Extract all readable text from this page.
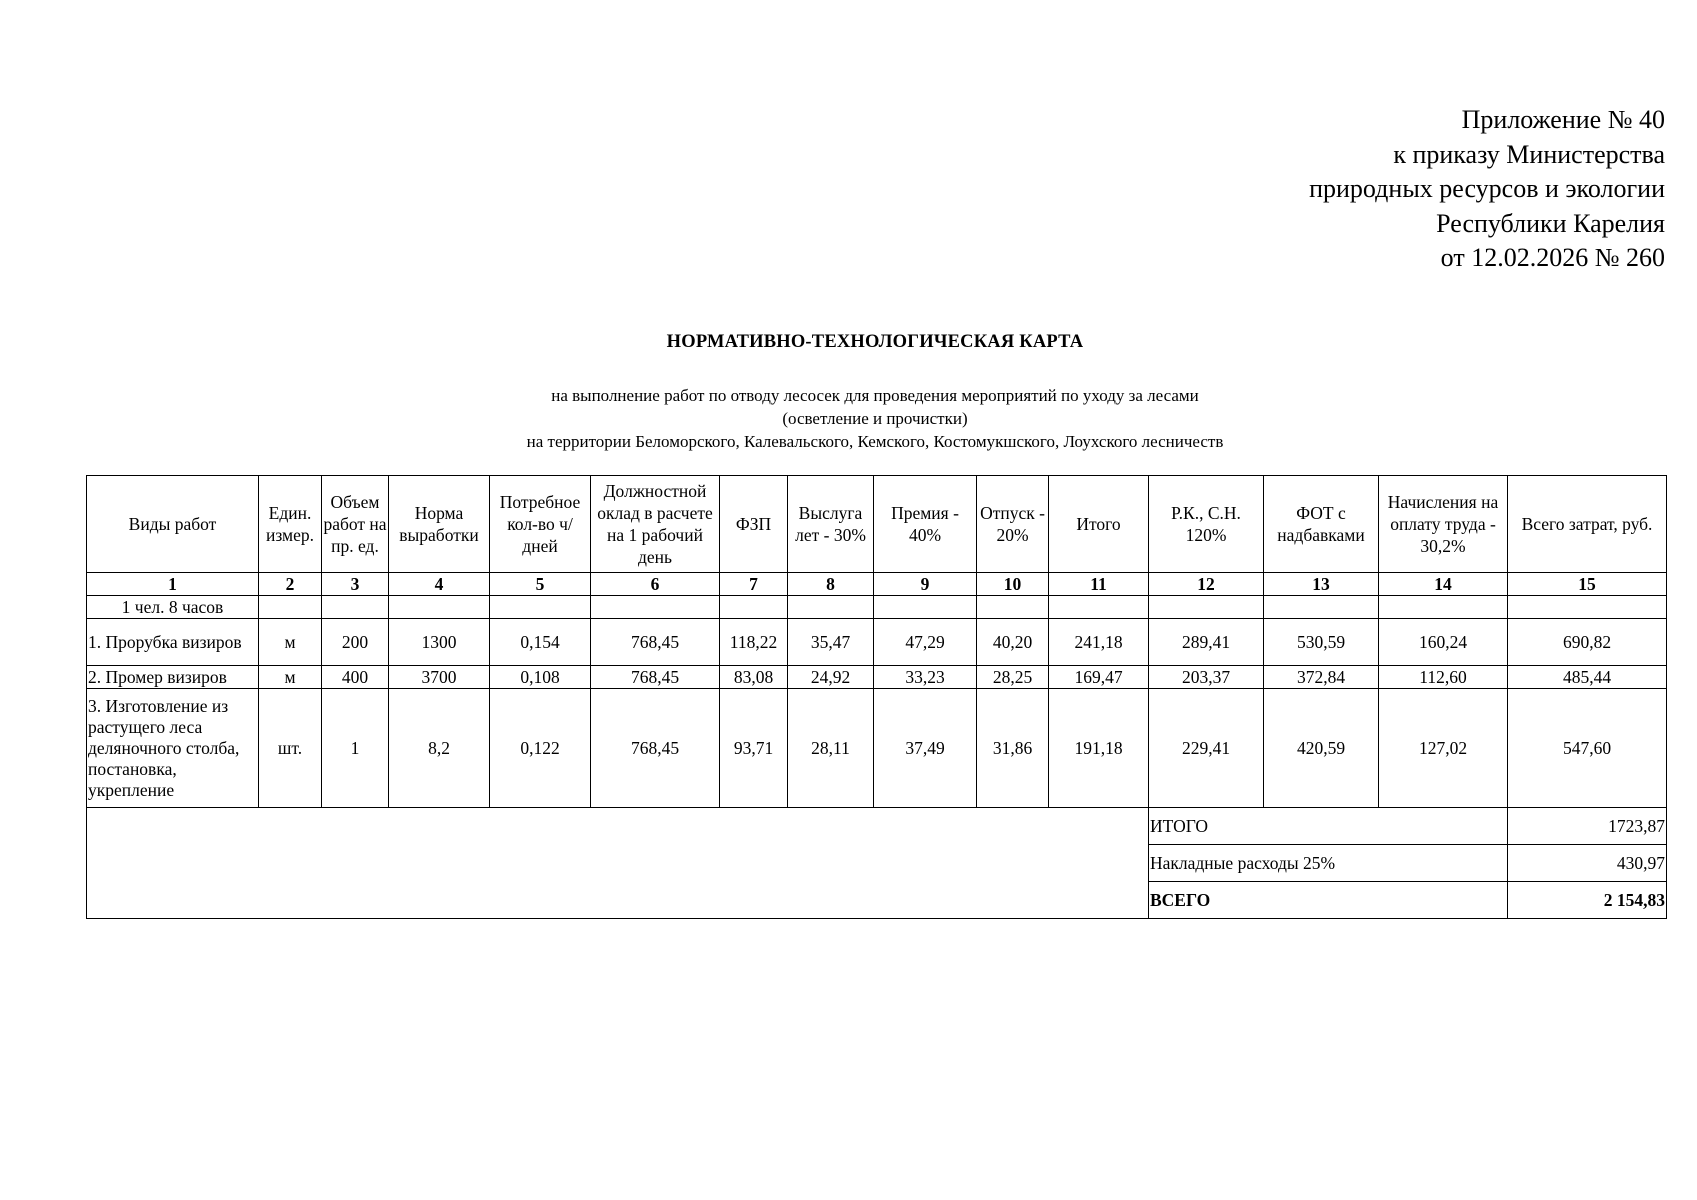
Приложение № 40
к приказу Министерства
природных ресурсов и экологии
Республики Карелия
от 12.02.2026 № 260
НОРМАТИВНО-ТЕХНОЛОГИЧЕСКАЯ КАРТА
на выполнение работ по отводу лесосек для проведения мероприятий по уходу за лесами
(осветление и прочистки)
на территории Беломорского, Калевальского, Кемского, Костомукшского, Лоухского лесничеств
Виды работ	Един. измер.	Объем работ на пр. ед.	Норма выработки	Потребное кол-во ч/дней	Должностной оклад в расчете на 1 рабочий день	ФЗП	Выслуга лет - 30%	Премия - 40%	Отпуск - 20%	Итого	Р.К., С.Н. 120%	ФОТ с надбавками	Начисления на оплату труда - 30,2%	Всего затрат, руб.
1	2	3	4	5	6	7	8	9	10	11	12	13	14	15
1 чел. 8 часов														
1. Прорубка визиров	м	200	1300	0,154	768,45	118,22	35,47	47,29	40,20	241,18	289,41	530,59	160,24	690,82
2. Промер визиров	м	400	3700	0,108	768,45	83,08	24,92	33,23	28,25	169,47	203,37	372,84	112,60	485,44
3. Изготовление из растущего леса деляночного столба, постановка, укрепление	шт.	1	8,2	0,122	768,45	93,71	28,11	37,49	31,86	191,18	229,41	420,59	127,02	547,60
											ИТОГО			1723,87
											Накладные расходы 25%			430,97
											ВСЕГО			2 154,83
